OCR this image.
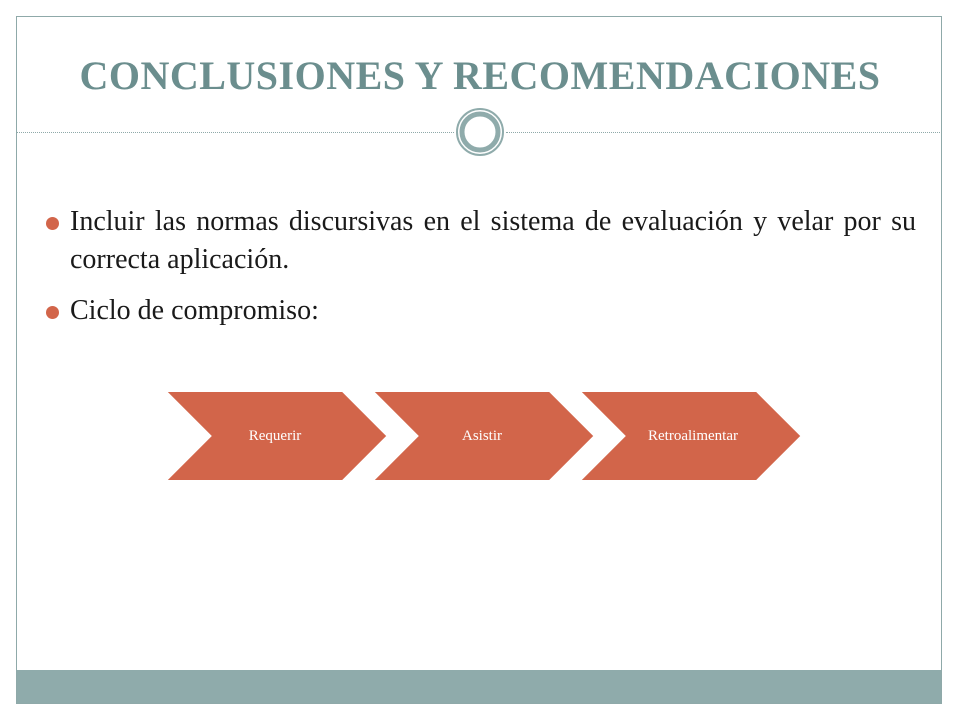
CONCLUSIONES Y RECOMENDACIONES
Incluir las normas discursivas en el sistema de evaluación y velar por su correcta aplicación.
Ciclo de compromiso:
Requerir	Asistir	Retroalimentar
